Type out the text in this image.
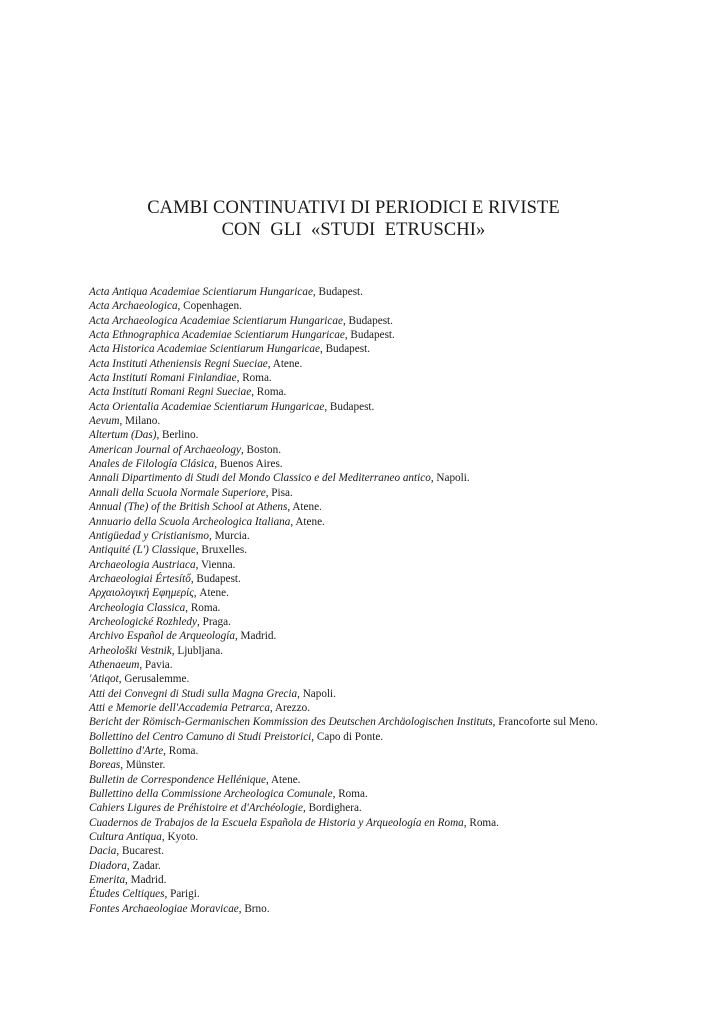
CAMBI CONTINUATIVI DI PERIODICI E RIVISTE
CON  GLI  «STUDI  ETRUSCHI»
Acta Antiqua Academiae Scientiarum Hungaricae, Budapest.
Acta Archaeologica, Copenhagen.
Acta Archaeologica Academiae Scientiarum Hungaricae, Budapest.
Acta Ethnographica Academiae Scientiarum Hungaricae, Budapest.
Acta Historica Academiae Scientiarum Hungaricae, Budapest.
Acta Instituti Atheniensis Regni Sueciae, Atene.
Acta Instituti Romani Finlandiae, Roma.
Acta Instituti Romani Regni Sueciae, Roma.
Acta Orientalia Academiae Scientiarum Hungaricae, Budapest.
Aevum, Milano.
Altertum (Das), Berlino.
American Journal of Archaeology, Boston.
Anales de Filología Clásica, Buenos Aires.
Annali Dipartimento di Studi del Mondo Classico e del Mediterraneo antico, Napoli.
Annali della Scuola Normale Superiore, Pisa.
Annual (The) of the British School at Athens, Atene.
Annuario della Scuola Archeologica Italiana, Atene.
Antigüedad y Cristianismo, Murcia.
Antiquité (L') Classique, Bruxelles.
Archaeologia Austriaca, Vienna.
Archaeologiai Értesítő, Budapest.
Αρχαιολογική Εφημερίς, Atene.
Archeologia Classica, Roma.
Archeologické Rozhledy, Praga.
Archivo Español de Arqueología, Madrid.
Arheološki Vestnik, Ljubljana.
Athenaeum, Pavia.
'Atiqot, Gerusalemme.
Atti dei Convegni di Studi sulla Magna Grecia, Napoli.
Atti e Memorie dell'Accademia Petrarca, Arezzo.
Bericht der Römisch-Germanischen Kommission des Deutschen Archäologischen Instituts, Francoforte sul Meno.
Bollettino del Centro Camuno di Studi Preistorici, Capo di Ponte.
Bollettino d'Arte, Roma.
Boreas, Münster.
Bulletin de Correspondence Hellénique, Atene.
Bullettino della Commissione Archeologica Comunale, Roma.
Cahiers Ligures de Préhistoire et d'Archéologie, Bordighera.
Cuadernos de Trabajos de la Escuela Española de Historia y Arqueología en Roma, Roma.
Cultura Antiqua, Kyoto.
Dacia, Bucarest.
Diadora, Zadar.
Emerita, Madrid.
Études Celtiques, Parigi.
Fontes Archaeologiae Moravicae, Brno.
